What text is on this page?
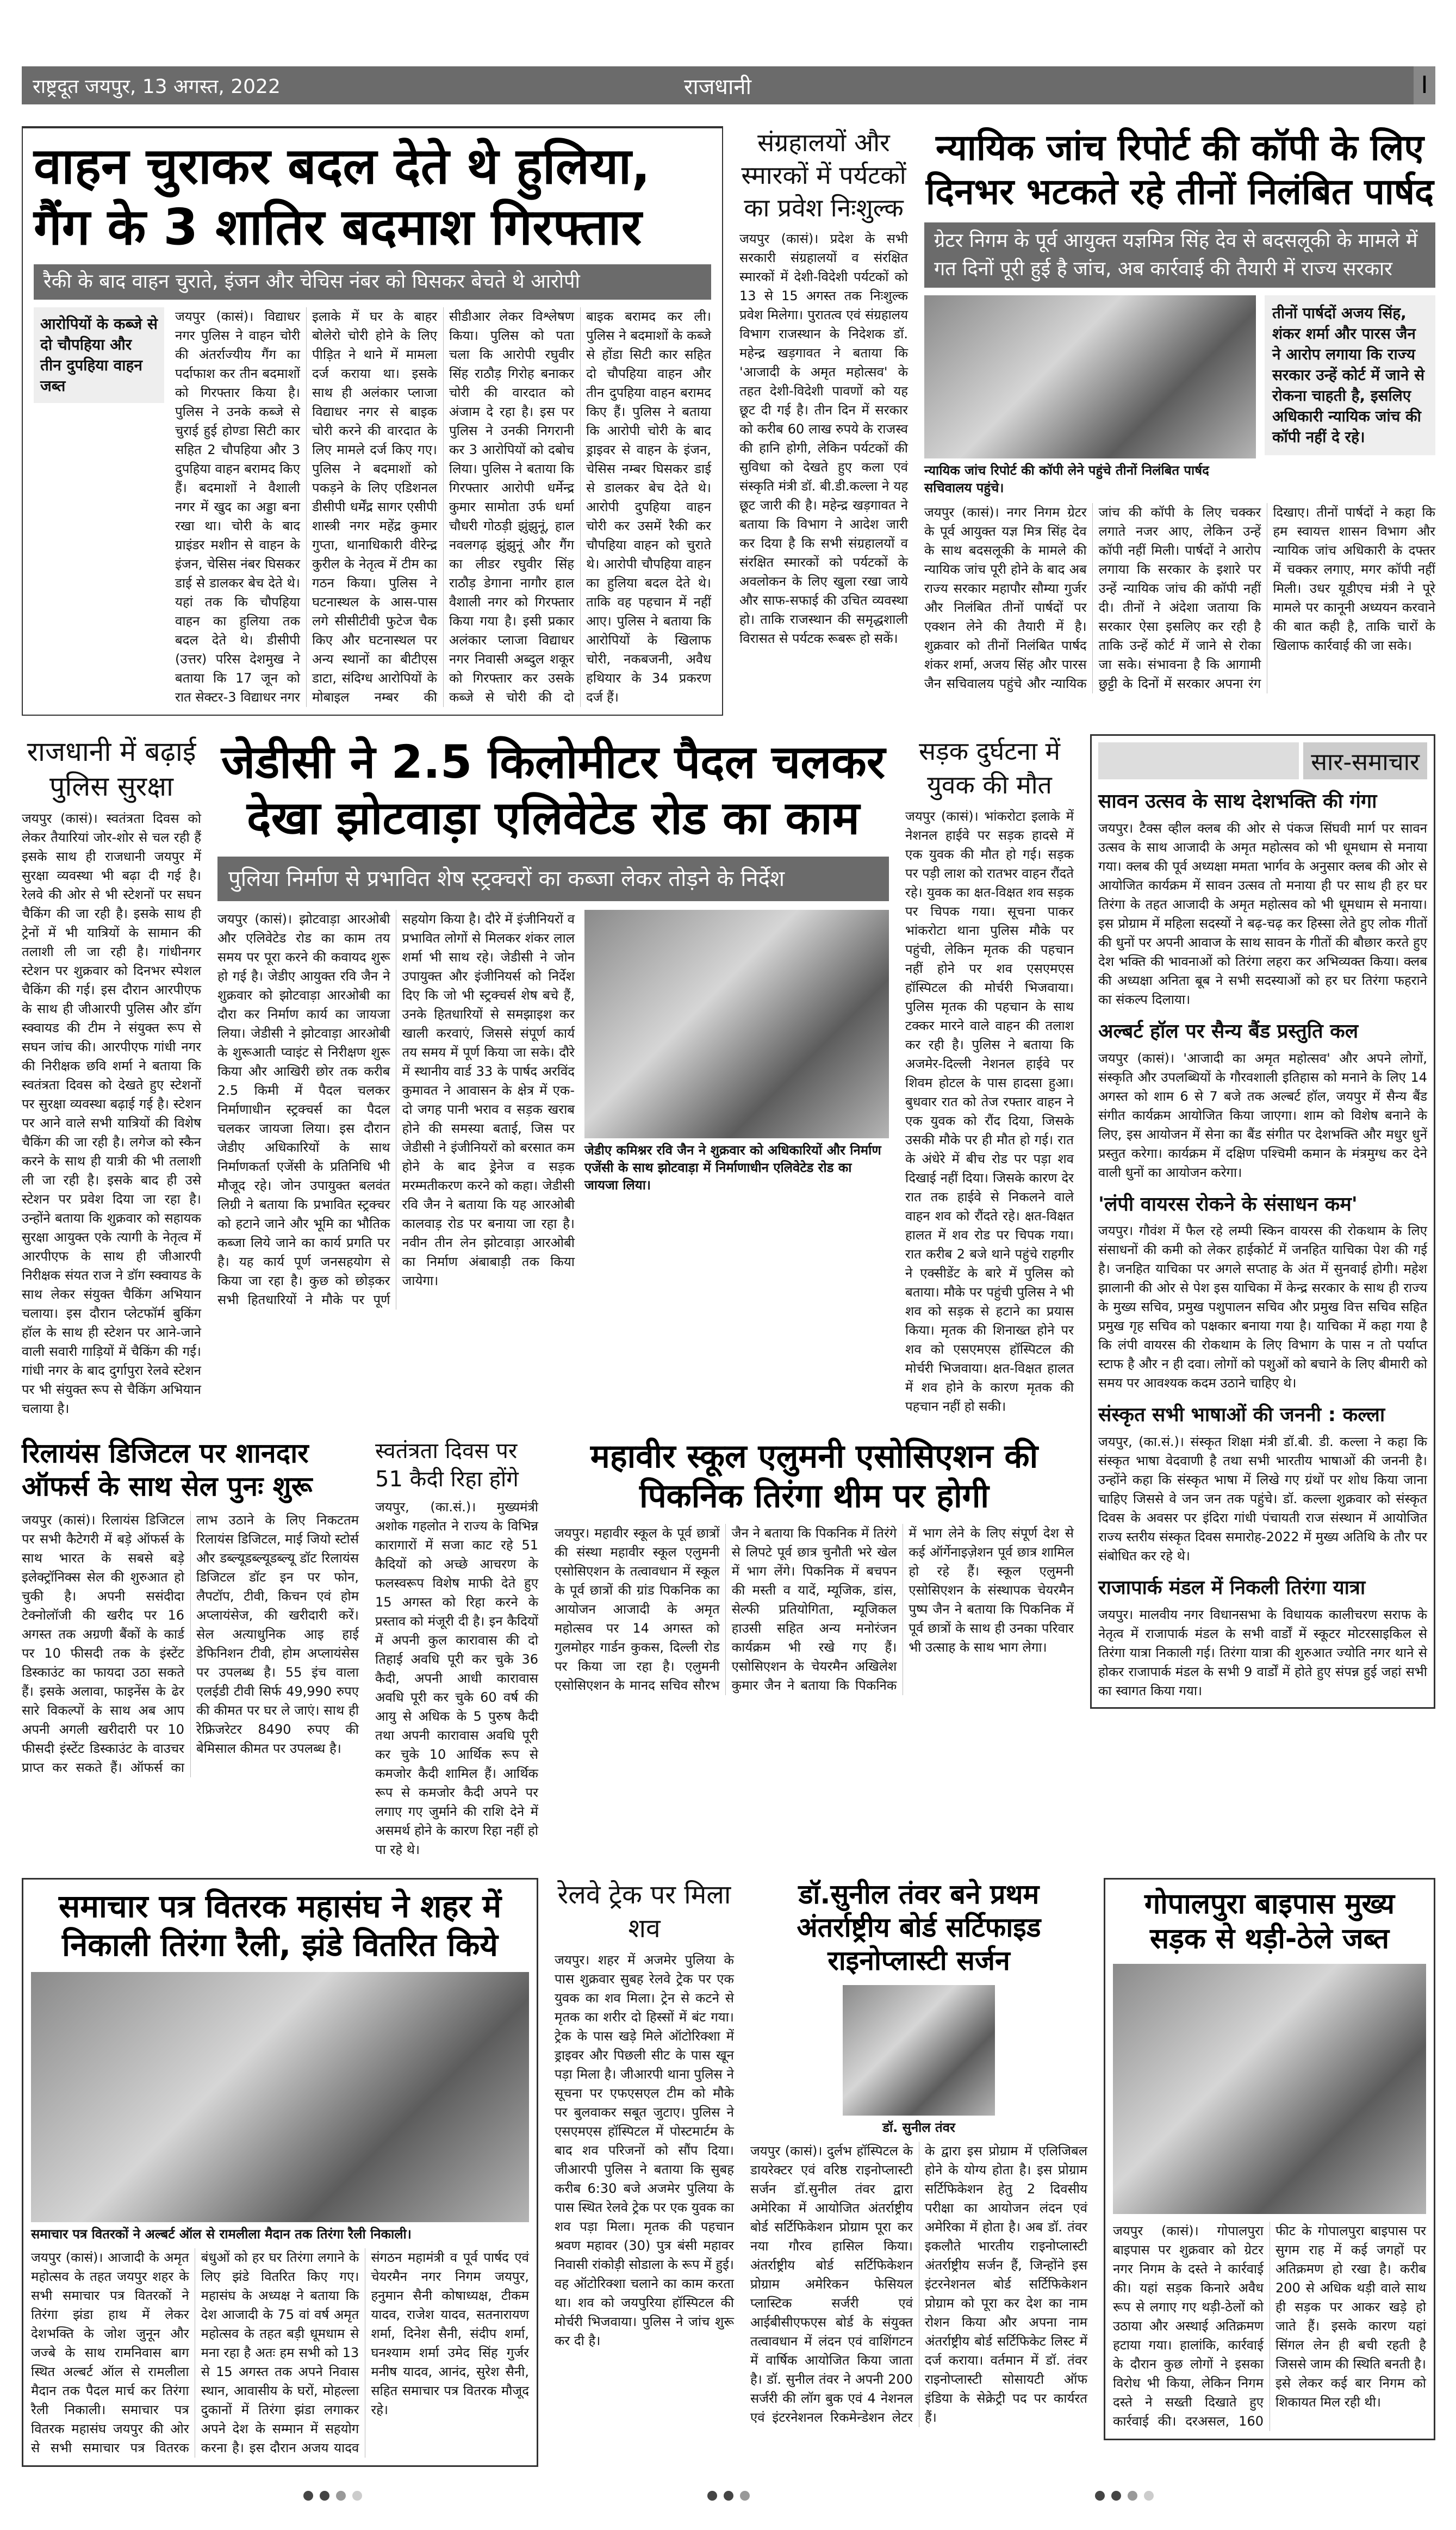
राष्ट्रदूत जयपुर, 13 अगस्त, 2022	राजधानी	I
वाहन चुराकर बदल देते थे हुलिया, गैंग के 3 शातिर बदमाश गिरफ्तार
रैकी के बाद वाहन चुराते, इंजन और चेचिस नंबर को घिसकर बेचते थे आरोपी
आरोपियों के कब्जे से दो चौपहिया और तीन दुपहिया वाहन जब्त
जयपुर (कासं)। विद्याधर नगर पुलिस ने वाहन चोरी की अंतर्राज्यीय गैंग का पर्दाफाश कर तीन बदमाशों को गिरफ्तार किया है। पुलिस ने उनके कब्जे से चुराई हुई होण्डा सिटी कार सहित 2 चौपहिया और 3 दुपहिया वाहन बरामद किए हैं। बदमाशों ने वैशाली नगर में खुद का अड्डा बना रखा था। चोरी के बाद ग्राइंडर मशीन से वाहन के इंजन, चेसिस नंबर घिसकर डाई से डालकर बेच देते थे। यहां तक कि चौपहिया वाहन का हुलिया तक बदल देते थे। डीसीपी (उत्तर) परिस देशमुख ने बताया कि 17 जून को रात सेक्टर-3 विद्याधर नगर इलाके में घर के बाहर बोलेरो चोरी होने के लिए पीड़ित ने थाने में मामला दर्ज कराया था। इसके साथ ही अलंकार प्लाजा विद्याधर नगर से बाइक चोरी करने की वारदात के लिए मामले दर्ज किए गए। पुलिस ने बदमाशों को पकड़ने के लिए एडिशनल डीसीपी धर्मेंद्र सागर एसीपी शास्त्री नगर महेंद्र कुमार गुप्ता, थानाधिकारी वीरेन्द्र कुरील के नेतृत्व में टीम का गठन किया। पुलिस ने घटनास्थल के आस-पास लगे सीसीटीवी फुटेज चैक किए और घटनास्थल पर अन्य स्थानों का बीटीएस डाटा, संदिग्ध आरोपियों के मोबाइल नम्बर की सीडीआर लेकर विश्लेषण किया। पुलिस को पता चला कि आरोपी रघुवीर सिंह राठौड़ गिरोह बनाकर चोरी की वारदात को अंजाम दे रहा है। इस पर पुलिस ने उनकी निगरानी कर 3 आरोपियों को दबोच लिया। पुलिस ने बताया कि गिरफ्तार आरोपी धर्मेन्द्र कुमार सामोता उर्फ धर्मा चौधरी गोठड़ी झुंझुनूं, हाल नवलगढ़ झुंझुनूं और गैंग का लीडर रघुवीर सिंह राठौड़ डेगाना नागौर हाल वैशाली नगर को गिरफ्तार किया गया है। इसी प्रकार अलंकार प्लाजा विद्याधर नगर निवासी अब्दुल शकूर को गिरफ्तार कर उसके कब्जे से चोरी की दो बाइक बरामद कर ली। पुलिस ने बदमाशों के कब्जे से होंडा सिटी कार सहित दो चौपहिया वाहन और तीन दुपहिया वाहन बरामद किए हैं। पुलिस ने बताया कि आरोपी चोरी के बाद ड्राइवर से वाहन के इंजन, चेसिस नम्बर घिसकर डाई से डालकर बेच देते थे। आरोपी दुपहिया वाहन चोरी कर उसमें रैकी कर चौपहिया वाहन को चुराते थे। आरोपी चौपहिया वाहन का हुलिया बदल देते थे। ताकि वह पहचान में नहीं आए। पुलिस ने बताया कि आरोपियों के खिलाफ चोरी, नकबजनी, अवैध हथियार के 34 प्रकरण दर्ज हैं।
संग्रहालयों और स्मारकों में पर्यटकों का प्रवेश निःशुल्क
जयपुर (कासं)। प्रदेश के सभी सरकारी संग्रहालयों व संरक्षित स्मारकों में देशी-विदेशी पर्यटकों को 13 से 15 अगस्त तक निःशुल्क प्रवेश मिलेगा। पुरातत्व एवं संग्रहालय विभाग राजस्थान के निदेशक डॉ. महेन्द्र खड़गावत ने बताया कि 'आजादी के अमृत महोत्सव' के तहत देशी-विदेशी पावणों को यह छूट दी गई है। तीन दिन में सरकार को करीब 60 लाख रुपये के राजस्व की हानि होगी, लेकिन पर्यटकों की सुविधा को देखते हुए कला एवं संस्कृति मंत्री डॉ. बी.डी.कल्ला ने यह छूट जारी की है। महेन्द्र खड़गावत ने बताया कि विभाग ने आदेश जारी कर दिया है कि सभी संग्रहालयों व संरक्षित स्मारकों को पर्यटकों के अवलोकन के लिए खुला रखा जाये और साफ-सफाई की उचित व्यवस्था हो। ताकि राजस्थान की समृद्धशाली विरासत से पर्यटक रूबरू हो सकें।
न्यायिक जांच रिपोर्ट की कॉपी के लिए दिनभर भटकते रहे तीनों निलंबित पार्षद
ग्रेटर निगम के पूर्व आयुक्त यज्ञमित्र सिंह देव से बदसलूकी के मामले में गत दिनों पूरी हुई है जांच, अब कार्रवाई की तैयारी में राज्य सरकार
न्यायिक जांच रिपोर्ट की कॉपी लेने पहुंचे तीनों निलंबित पार्षद सचिवालय पहुंचे।
तीनों पार्षदों अजय सिंह, शंकर शर्मा और पारस जैन ने आरोप लगाया कि राज्य सरकार उन्हें कोर्ट में जाने से रोकना चाहती है, इसलिए अधिकारी न्यायिक जांच की कॉपी नहीं दे रहे।
जयपुर (कासं)। नगर निगम ग्रेटर के पूर्व आयुक्त यज्ञ मित्र सिंह देव के साथ बदसलूकी के मामले की न्यायिक जांच पूरी होने के बाद अब राज्य सरकार महापौर सौम्या गुर्जर और निलंबित तीनों पार्षदों पर एक्शन लेने की तैयारी में है। शुक्रवार को तीनों निलंबित पार्षद शंकर शर्मा, अजय सिंह और पारस जैन सचिवालय पहुंचे और न्यायिक जांच की कॉपी के लिए चक्कर लगाते नजर आए, लेकिन उन्हें कॉपी नहीं मिली। पार्षदों ने आरोप लगाया कि सरकार के इशारे पर उन्हें न्यायिक जांच की कॉपी नहीं दी। तीनों ने अंदेशा जताया कि सरकार ऐसा इसलिए कर रही है ताकि उन्हें कोर्ट में जाने से रोका जा सके। संभावना है कि आगामी छुट्टी के दिनों में सरकार अपना रंग दिखाए। तीनों पार्षदों ने कहा कि हम स्वायत्त शासन विभाग और न्यायिक जांच अधिकारी के दफ्तर में चक्कर लगाए, मगर कॉपी नहीं मिली। उधर यूडीएच मंत्री ने पूरे मामले पर कानूनी अध्ययन करवाने की बात कही है, ताकि चारों के खिलाफ कार्रवाई की जा सके।
राजधानी में बढ़ाई पुलिस सुरक्षा
जयपुर (कासं)। स्वतंत्रता दिवस को लेकर तैयारियां जोर-शोर से चल रही हैं इसके साथ ही राजधानी जयपुर में सुरक्षा व्यवस्था भी बढ़ा दी गई है। रेलवे की ओर से भी स्टेशनों पर सघन चैकिंग की जा रही है। इसके साथ ही ट्रेनों में भी यात्रियों के सामान की तलाशी ली जा रही है। गांधीनगर स्टेशन पर शुक्रवार को दिनभर स्पेशल चैकिंग की गई। इस दौरान आरपीएफ के साथ ही जीआरपी पुलिस और डॉग स्क्वायड की टीम ने संयुक्त रूप से सघन जांच की। आरपीएफ गांधी नगर की निरीक्षक छवि शर्मा ने बताया कि स्वतंत्रता दिवस को देखते हुए स्टेशनों पर सुरक्षा व्यवस्था बढ़ाई गई है। स्टेशन पर आने वाले सभी यात्रियों की विशेष चैकिंग की जा रही है। लगेज को स्कैन करने के साथ ही यात्री की भी तलाशी ली जा रही है। इसके बाद ही उसे स्टेशन पर प्रवेश दिया जा रहा है। उन्होंने बताया कि शुक्रवार को सहायक सुरक्षा आयुक्त एके त्यागी के नेतृत्व में आरपीएफ के साथ ही जीआरपी निरीक्षक संयत राज ने डॉग स्क्वायड के साथ लेकर संयुक्त चैकिंग अभियान चलाया। इस दौरान प्लेटफॉर्म बुकिंग हॉल के साथ ही स्टेशन पर आने-जाने वाली सवारी गाड़ियों में चैकिंग की गई। गांधी नगर के बाद दुर्गापुरा रेलवे स्टेशन पर भी संयुक्त रूप से चैकिंग अभियान चलाया है।
जेडीसी ने 2.5 किलोमीटर पैदल चलकर देखा झोटवाड़ा एलिवेटेड रोड का काम
पुलिया निर्माण से प्रभावित शेष स्ट्रक्चरों का कब्जा लेकर तोड़ने के निर्देश
जयपुर (कासं)। झोटवाड़ा आरओबी और एलिवेटेड रोड का काम तय समय पर पूरा करने की कवायद शुरू हो गई है। जेडीए आयुक्त रवि जैन ने शुक्रवार को झोटवाड़ा आरओबी का दौरा कर निर्माण कार्य का जायजा लिया। जेडीसी ने झोटवाड़ा आरओबी के शुरूआती प्वाइंट से निरीक्षण शुरू किया और आखिरी छोर तक करीब 2.5 किमी में पैदल चलकर निर्माणाधीन स्ट्रक्चर्स का पैदल चलकर जायजा लिया। इस दौरान जेडीए अधिकारियों के साथ निर्माणकर्ता एजेंसी के प्रतिनिधि भी मौजूद रहे। जोन उपायुक्त बलवंत लिग्री ने बताया कि प्रभावित स्ट्रक्चर को हटाने जाने और भूमि का भौतिक कब्जा लिये जाने का कार्य प्रगति पर है। यह कार्य पूर्ण जनसहयोग से किया जा रहा है। कुछ को छोड़कर सभी हितधारियों ने मौके पर पूर्ण सहयोग किया है। दौरे में इंजीनियरों व प्रभावित लोगों से मिलकर शंकर लाल शर्मा भी साथ रहे। जेडीसी ने जोन उपायुक्त और इंजीनियर्स को निर्देश दिए कि जो भी स्ट्रक्चर्स शेष बचे हैं, उनके हितधारियों से समझाइश कर खाली करवाएं, जिससे संपूर्ण कार्य तय समय में पूर्ण किया जा सके। दौरे में स्थानीय वार्ड 33 के पार्षद अरविंद कुमावत ने आवासन के क्षेत्र में एक-दो जगह पानी भराव व सड़क खराब होने की समस्या बताई, जिस पर जेडीसी ने इंजीनियरों को बरसात कम होने के बाद ड्रेनेज व सड़क मरम्मतीकरण करने को कहा। जेडीसी रवि जैन ने बताया कि यह आरओबी कालवाड़ रोड पर बनाया जा रहा है। नवीन तीन लेन झोटवाड़ा आरओबी का निर्माण अंबाबाड़ी तक किया जायेगा।
जेडीए कमिश्नर रवि जैन ने शुक्रवार को अधिकारियों और निर्माण एजेंसी के साथ झोटवाड़ा में निर्माणाधीन एलिवेटेड रोड का जायजा लिया।
सड़क दुर्घटना में युवक की मौत
जयपुर (कासं)। भांकरोटा इलाके में नेशनल हाईवे पर सड़क हादसे में एक युवक की मौत हो गई। सड़क पर पड़ी लाश को रातभर वाहन रौंदते रहे। युवक का क्षत-विक्षत शव सड़क पर चिपक गया। सूचना पाकर भांकरोटा थाना पुलिस मौके पर पहुंची, लेकिन मृतक की पहचान नहीं होने पर शव एसएमएस हॉस्पिटल की मोर्चरी भिजवाया। पुलिस मृतक की पहचान के साथ टक्कर मारने वाले वाहन की तलाश कर रही है। पुलिस ने बताया कि अजमेर-दिल्ली नेशनल हाईवे पर शिवम होटल के पास हादसा हुआ। बुधवार रात को तेज रफ्तार वाहन ने एक युवक को रौंद दिया, जिसके उसकी मौके पर ही मौत हो गई। रात के अंधेरे में बीच रोड पर पड़ा शव दिखाई नहीं दिया। जिसके कारण देर रात तक हाईवे से निकलने वाले वाहन शव को रौंदते रहे। क्षत-विक्षत हालत में शव रोड पर चिपक गया। रात करीब 2 बजे थाने पहुंचे राहगीर ने एक्सीडेंट के बारे में पुलिस को बताया। मौके पर पहुंची पुलिस ने भी शव को सड़क से हटाने का प्रयास किया। मृतक की शिनाख्त होने पर शव को एसएमएस हॉस्पिटल की मोर्चरी भिजवाया। क्षत-विक्षत हालत में शव होने के कारण मृतक की पहचान नहीं हो सकी।
रिलायंस डिजिटल पर शानदार ऑफर्स के साथ सेल पुनः शुरू
जयपुर (कासं)। रिलायंस डिजिटल पर सभी कैटेगरी में बड़े ऑफर्स के साथ भारत के सबसे बड़े इलेक्ट्रॉनिक्स सेल की शुरुआत हो चुकी है। अपनी ससंदीदा टेक्नोलॉजी की खरीद पर 16 अगस्त तक अग्रणी बैंकों के कार्ड पर 10 फीसदी तक के इंस्टेंट डिस्काउंट का फायदा उठा सकते हैं। इसके अलावा, फाइनेंस के ढेर सारे विकल्पों के साथ अब आप अपनी अगली खरीदारी पर 10 फीसदी इंस्टेंट डिस्काउंट के वाउचर प्राप्त कर सकते हैं। ऑफर्स का लाभ उठाने के लिए निकटतम रिलायंस डिजिटल, माई जियो स्टोर्स और डब्ल्यूडब्ल्यूडब्ल्यू डॉट रिलायंस डिजिटल डॉट इन पर फोन, लैपटॉप, टीवी, किचन एवं होम अप्लायंसेज, की खरीदारी करें। सेल अत्याधुनिक आइ हाई डेफिनिशन टीवी, होम अप्लायंसेस पर उपलब्ध है। 55 इंच वाला एलईडी टीवी सिर्फ 49,990 रुपए की कीमत पर घर ले जाएं। साथ ही रेफ्रिजरेटर 8490 रुपए की बेमिसाल कीमत पर उपलब्ध है।
स्वतंत्रता दिवस पर 51 कैदी रिहा होंगे
जयपुर, (का.सं.)। मुख्यमंत्री अशोक गहलोत ने राज्य के विभिन्न कारागारों में सजा काट रहे 51 कैदियों को अच्छे आचरण के फलस्वरूप विशेष माफी देते हुए 15 अगस्त को रिहा करने के प्रस्ताव को मंजूरी दी है। इन कैदियों में अपनी कुल कारावास की दो तिहाई अवधि पूरी कर चुके 36 कैदी, अपनी आधी कारावास अवधि पूरी कर चुके 60 वर्ष की आयु से अधिक के 5 पुरुष कैदी तथा अपनी कारावास अवधि पूरी कर चुके 10 आर्थिक रूप से कमजोर कैदी शामिल हैं। आर्थिक रूप से कमजोर कैदी अपने पर लगाए गए जुर्माने की राशि देने में असमर्थ होने के कारण रिहा नहीं हो पा रहे थे।
महावीर स्कूल एलुमनी एसोसिएशन की पिकनिक तिरंगा थीम पर होगी
जयपुर। महावीर स्कूल के पूर्व छात्रों की संस्था महावीर स्कूल एलुमनी एसोसिएशन के तत्वावधान में स्कूल के पूर्व छात्रों की ग्रांड पिकनिक का आयोजन आजादी के अमृत महोत्सव पर 14 अगस्त को गुलमोहर गार्डन कुकस, दिल्ली रोड पर किया जा रहा है। एलुमनी एसोसिएशन के मानद सचिव सौरभ जैन ने बताया कि पिकनिक में तिरंगे से लिपटे पूर्व छात्र चुनौती भरे खेल में भाग लेंगे। पिकनिक में बचपन की मस्ती व यादें, म्यूजिक, डांस, सेल्फी प्रतियोगिता, म्यूजिकल हाउसी सहित अन्य मनोरंजन कार्यक्रम भी रखे गए हैं। एसोसिएशन के चेयरमैन अखिलेश कुमार जैन ने बताया कि पिकनिक में भाग लेने के लिए संपूर्ण देश से कई ऑर्गेनाइज़ेशन पूर्व छात्र शामिल हो रहे हैं। स्कूल एलुमनी एसोसिएशन के संस्थापक चेयरमैन पुष्प जैन ने बताया कि पिकनिक में पूर्व छात्रों के साथ ही उनका परिवार भी उत्साह के साथ भाग लेगा।
सार-समाचार
सावन उत्सव के साथ देशभक्ति की गंगा
जयपुर। टैक्स व्हील क्लब की ओर से पंकज सिंघवी मार्ग पर सावन उत्सव के साथ आजादी के अमृत महोत्सव को भी धूमधाम से मनाया गया। क्लब की पूर्व अध्यक्षा ममता भार्गव के अनुसार क्लब की ओर से आयोजित कार्यक्रम में सावन उत्सव तो मनाया ही पर साथ ही हर घर तिरंगा के तहत आजादी के अमृत महोत्सव को भी धूमधाम से मनाया। इस प्रोग्राम में महिला सदस्यों ने बढ़-चढ़ कर हिस्सा लेते हुए लोक गीतों की धुनों पर अपनी आवाज के साथ सावन के गीतों की बौछार करते हुए देश भक्ति की भावनाओं को तिरंगा लहरा कर अभिव्यक्त किया। क्लब की अध्यक्षा अनिता बूब ने सभी सदस्याओं को हर घर तिरंगा फहराने का संकल्प दिलाया।
अल्बर्ट हॉल पर सैन्य बैंड प्रस्तुति कल
जयपुर (कासं)। 'आजादी का अमृत महोत्सव' और अपने लोगों, संस्कृति और उपलब्धियों के गौरवशाली इतिहास को मनाने के लिए 14 अगस्त को शाम 6 से 7 बजे तक अल्बर्ट हॉल, जयपुर में सैन्य बैंड संगीत कार्यक्रम आयोजित किया जाएगा। शाम को विशेष बनाने के लिए, इस आयोजन में सेना का बैंड संगीत पर देशभक्ति और मधुर धुनें प्रस्तुत करेगा। कार्यक्रम में दक्षिण पश्चिमी कमान के मंत्रमुग्ध कर देने वाली धुनों का आयोजन करेगा।
'लंपी वायरस रोकने के संसाधन कम'
जयपुर। गौवंश में फैल रहे लम्पी स्किन वायरस की रोकथाम के लिए संसाधनों की कमी को लेकर हाईकोर्ट में जनहित याचिका पेश की गई है। जनहित याचिका पर अगले सप्ताह के अंत में सुनवाई होगी। महेश झालानी की ओर से पेश इस याचिका में केन्द्र सरकार के साथ ही राज्य के मुख्य सचिव, प्रमुख पशुपालन सचिव और प्रमुख वित्त सचिव सहित प्रमुख गृह सचिव को पक्षकार बनाया गया है। याचिका में कहा गया है कि लंपी वायरस की रोकथाम के लिए विभाग के पास न तो पर्याप्त स्टाफ है और न ही दवा। लोगों को पशुओं को बचाने के लिए बीमारी को समय पर आवश्यक कदम उठाने चाहिए थे।
संस्कृत सभी भाषाओं की जननी : कल्ला
जयपुर, (का.सं.)। संस्कृत शिक्षा मंत्री डॉ.बी. डी. कल्ला ने कहा कि संस्कृत भाषा वेदवाणी है तथा सभी भारतीय भाषाओं की जननी है। उन्होंने कहा कि संस्कृत भाषा में लिखे गए ग्रंथों पर शोध किया जाना चाहिए जिससे वे जन जन तक पहुंचे। डॉ. कल्ला शुक्रवार को संस्कृत दिवस के अवसर पर इंदिरा गांधी पंचायती राज संस्थान में आयोजित राज्य स्तरीय संस्कृत दिवस समारोह-2022 में मुख्य अतिथि के तौर पर संबोधित कर रहे थे।
राजापार्क मंडल में निकली तिरंगा यात्रा
जयपुर। मालवीय नगर विधानसभा के विधायक कालीचरण सराफ के नेतृत्व में राजापार्क मंडल के सभी वार्डों में स्कूटर मोटरसाइकिल से तिरंगा यात्रा निकाली गई। तिरंगा यात्रा की शुरुआत ज्योति नगर थाने से होकर राजापार्क मंडल के सभी 9 वार्डों में होते हुए संपन्न हुई जहां सभी का स्वागत किया गया।
समाचार पत्र वितरक महासंघ ने शहर में निकाली तिरंगा रैली, झंडे वितरित किये
समाचार पत्र वितरकों ने अल्बर्ट ऑल से रामलीला मैदान तक तिरंगा रैली निकाली।
जयपुर (कासं)। आजादी के अमृत महोत्सव के तहत जयपुर शहर के सभी समाचार पत्र वितरकों ने तिरंगा झंडा हाथ में लेकर देशभक्ति के जोश जुनून और जज्बे के साथ रामनिवास बाग स्थित अल्बर्ट ऑल से रामलीला मैदान तक पैदल मार्च कर तिरंगा रैली निकाली। समाचार पत्र वितरक महासंघ जयपुर की ओर से सभी समाचार पत्र वितरक बंधुओं को हर घर तिरंगा लगाने के लिए झंडे वितरित किए गए। महासंघ के अध्यक्ष ने बताया कि देश आजादी के 75 वां वर्ष अमृत महोत्सव के तहत बड़ी धूमधाम से मना रहा है अतः हम सभी को 13 से 15 अगस्त तक अपने निवास स्थान, आवासीय के घरों, मोहल्ला दुकानों में तिरंगा झंडा लगाकर अपने देश के सम्मान में सहयोग करना है। इस दौरान अजय यादव संगठन महामंत्री व पूर्व पार्षद एवं चेयरमैन नगर निगम जयपुर, हनुमान सैनी कोषाध्यक्ष, टीकम यादव, राजेश यादव, सतनारायण शर्मा, दिनेश सैनी, संदीप शर्मा, घनश्याम शर्मा उमेद सिंह गुर्जर मनीष यादव, आनंद, सुरेश सैनी, सहित समाचार पत्र वितरक मौजूद रहे।
रेलवे ट्रेक पर मिला शव
जयपुर। शहर में अजमेर पुलिया के पास शुक्रवार सुबह रेलवे ट्रेक पर एक युवक का शव मिला। ट्रेन से कटने से मृतक का शरीर दो हिस्सों में बंट गया। ट्रेक के पास खड़े मिले ऑटोरिक्शा में ड्राइवर और पिछली सीट के पास खून पड़ा मिला है। जीआरपी थाना पुलिस ने सूचना पर एफएसएल टीम को मौके पर बुलवाकर सबूत जुटाए। पुलिस ने एसएमएस हॉस्पिटल में पोस्टमार्टम के बाद शव परिजनों को सौंप दिया। जीआरपी पुलिस ने बताया कि सुबह करीब 6:30 बजे अजमेर पुलिया के पास स्थित रेलवे ट्रेक पर एक युवक का शव पड़ा मिला। मृतक की पहचान श्रवण महावर (30) पुत्र बंसी महावर निवासी रांकोड़ी सोडाला के रूप में हुई। वह ऑटोरिक्शा चलाने का काम करता था। शव को जयपुरिया हॉस्पिटल की मोर्चरी भिजवाया। पुलिस ने जांच शुरू कर दी है।
डॉ.सुनील तंवर बने प्रथम अंतर्राष्ट्रीय बोर्ड सर्टिफाइड राइनोप्लास्टी सर्जन
डॉ. सुनील तंवर
जयपुर (कासं)। दुर्लभ हॉस्पिटल के डायरेक्टर एवं वरिष्ठ राइनोप्लास्टी सर्जन डॉ.सुनील तंवर द्वारा अमेरिका में आयोजित अंतर्राष्ट्रीय बोर्ड सर्टिफिकेशन प्रोग्राम पूरा कर नया गौरव हासिल किया। अंतर्राष्ट्रीय बोर्ड सर्टिफिकेशन प्रोग्राम अमेरिकन फेसियल प्लास्टिक सर्जरी एवं आईबीसीएफएस बोर्ड के संयुक्त तत्वावधान में लंदन एवं वाशिंगटन में वार्षिक आयोजित किया जाता है। डॉ. सुनील तंवर ने अपनी 200 सर्जरी की लॉग बुक एवं 4 नेशनल एवं इंटरनेशनल रिकमेन्डेशन लेटर के द्वारा इस प्रोग्राम में एलिजिबल होने के योग्य होता है। इस प्रोग्राम सर्टिफिकेशन हेतु 2 दिवसीय परीक्षा का आयोजन लंदन एवं अमेरिका में होता है। अब डॉ. तंवर इकलौते भारतीय राइनोप्लास्टी अंतर्राष्ट्रीय सर्जन हैं, जिन्होंने इस इंटरनेशनल बोर्ड सर्टिफिकेशन प्रोग्राम को पूरा कर देश का नाम रोशन किया और अपना नाम अंतर्राष्ट्रीय बोर्ड सर्टिफिकेट लिस्ट में दर्ज कराया। वर्तमान में डॉ. तंवर राइनोप्लास्टी सोसायटी ऑफ इंडिया के सेक्रेट्री पद पर कार्यरत हैं।
गोपालपुरा बाइपास मुख्य सड़क से थड़ी-ठेले जब्त
जयपुर (कासं)। गोपालपुरा बाइपास पर शुक्रवार को ग्रेटर नगर निगम के दस्ते ने कार्रवाई की। यहां सड़क किनारे अवैध रूप से लगाए गए थड़ी-ठेलों को उठाया और अस्थाई अतिक्रमण हटाया गया। हालांकि, कार्रवाई के दौरान कुछ लोगों ने इसका विरोध भी किया, लेकिन निगम दस्ते ने सख्ती दिखाते हुए कार्रवाई की। दरअसल, 160 फीट के गोपालपुरा बाइपास पर सुगम राह में कई जगहों पर अतिक्रमण हो रखा है। करीब 200 से अधिक थड़ी वाले साथ ही सड़क पर आकर खड़े हो जाते हैं। इसके कारण यहां सिंगल लेन ही बची रहती है जिससे जाम की स्थिति बनती है। इसे लेकर कई बार निगम को शिकायत मिल रही थी।
